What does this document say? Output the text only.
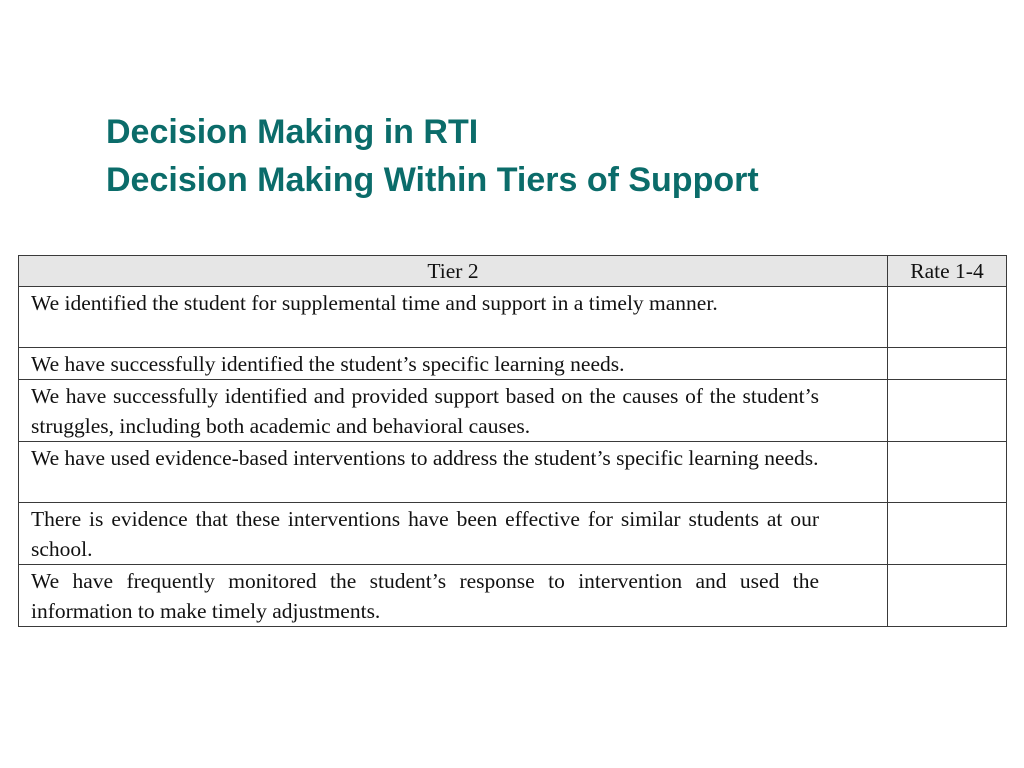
Decision Making in RTI
Decision Making Within Tiers of Support
Tier 2	Rate 1-4
We identified the student for supplemental time and support in a timely manner.	
We have successfully identified the student’s specific learning needs.	
We have successfully identified and provided support based on the causes of the student’s struggles, including both academic and behavioral causes.	
We have used evidence-based interventions to address the student’s specific learning needs.	
There is evidence that these interventions have been effective for similar students at our school.	
We have frequently monitored the student’s response to intervention and used the information to make timely adjustments.	
